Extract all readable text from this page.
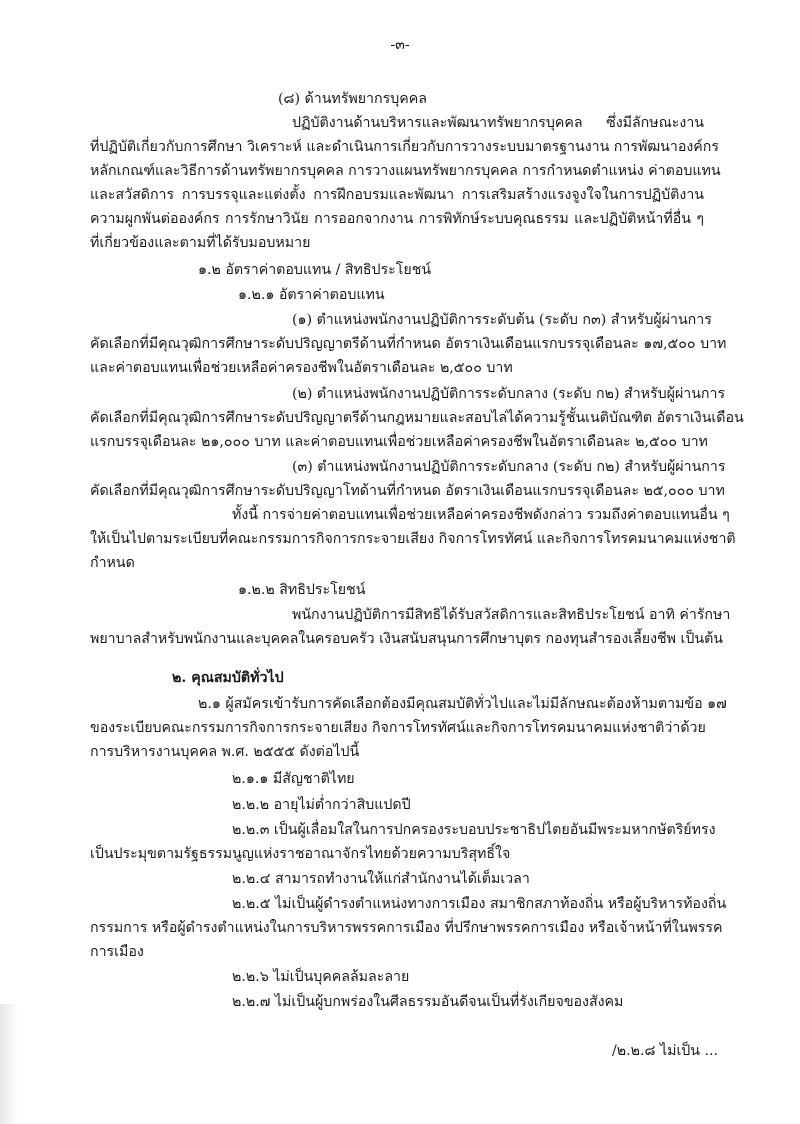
-๓-
(๘) ด้านทรัพยากรบุคคล
ปฏิบัติงานด้านบริหารและพัฒนาทรัพยากรบุคคล ซึ่งมีลักษณะงาน
ที่ปฏิบัติเกี่ยวกับการศึกษา วิเคราะห์ และดำเนินการเกี่ยวกับการวางระบบมาตรฐานงาน การพัฒนาองค์กร
หลักเกณฑ์และวิธีการด้านทรัพยากรบุคคล การวางแผนทรัพยากรบุคคล การกำหนดตำแหน่ง ค่าตอบแทน
และสวัสดิการ การบรรจุและแต่งตั้ง การฝึกอบรมและพัฒนา การเสริมสร้างแรงจูงใจในการปฏิบัติงาน
ความผูกพันต่อองค์กร การรักษาวินัย การออกจากงาน การพิทักษ์ระบบคุณธรรม และปฏิบัติหน้าที่อื่น ๆ
ที่เกี่ยวข้องและตามที่ได้รับมอบหมาย
๑.๒ อัตราค่าตอบแทน / สิทธิประโยชน์
๑.๒.๑ อัตราค่าตอบแทน
(๑) ตำแหน่งพนักงานปฏิบัติการระดับต้น (ระดับ ก๓) สำหรับผู้ผ่านการ
คัดเลือกที่มีคุณวุฒิการศึกษาระดับปริญญาตรีด้านที่กำหนด อัตราเงินเดือนแรกบรรจุเดือนละ ๑๗,๕๐๐ บาท
และค่าตอบแทนเพื่อช่วยเหลือค่าครองชีพในอัตราเดือนละ ๒,๕๐๐ บาท
(๒) ตำแหน่งพนักงานปฏิบัติการระดับกลาง (ระดับ ก๒) สำหรับผู้ผ่านการ
คัดเลือกที่มีคุณวุฒิการศึกษาระดับปริญญาตรีด้านกฎหมายและสอบไล่ได้ความรู้ชั้นเนติบัณฑิต อัตราเงินเดือน
แรกบรรจุเดือนละ ๒๑,๐๐๐ บาท และค่าตอบแทนเพื่อช่วยเหลือค่าครองชีพในอัตราเดือนละ ๒,๕๐๐ บาท
(๓) ตำแหน่งพนักงานปฏิบัติการระดับกลาง (ระดับ ก๒) สำหรับผู้ผ่านการ
คัดเลือกที่มีคุณวุฒิการศึกษาระดับปริญญาโทด้านที่กำหนด อัตราเงินเดือนแรกบรรจุเดือนละ ๒๕,๐๐๐ บาท
ทั้งนี้ การจ่ายค่าตอบแทนเพื่อช่วยเหลือค่าครองชีพดังกล่าว รวมถึงค่าตอบแทนอื่น ๆ
ให้เป็นไปตามระเบียบที่คณะกรรมการกิจการกระจายเสียง กิจการโทรทัศน์ และกิจการโทรคมนาคมแห่งชาติ
กำหนด
๑.๒.๒ สิทธิประโยชน์
พนักงานปฏิบัติการมีสิทธิได้รับสวัสดิการและสิทธิประโยชน์ อาทิ ค่ารักษา
พยาบาลสำหรับพนักงานและบุคคลในครอบครัว เงินสนับสนุนการศึกษาบุตร กองทุนสำรองเลี้ยงชีพ เป็นต้น
๒. คุณสมบัติทั่วไป
๒.๑ ผู้สมัครเข้ารับการคัดเลือกต้องมีคุณสมบัติทั่วไปและไม่มีลักษณะต้องห้ามตามข้อ ๑๗
ของระเบียบคณะกรรมการกิจการกระจายเสียง กิจการโทรทัศน์และกิจการโทรคมนาคมแห่งชาติว่าด้วย
การบริหารงานบุคคล พ.ศ. ๒๕๕๕ ดังต่อไปนี้
๒.๑.๑ มีสัญชาติไทย
๒.๒.๒ อายุไม่ต่ำกว่าสิบแปดปี
๒.๒.๓ เป็นผู้เลื่อมใสในการปกครองระบอบประชาธิปไตยอันมีพระมหากษัตริย์ทรง
เป็นประมุขตามรัฐธรรมนูญแห่งราชอาณาจักรไทยด้วยความบริสุทธิ์ใจ
๒.๒.๔ สามารถทำงานให้แก่สำนักงานได้เต็มเวลา
๒.๒.๕ ไม่เป็นผู้ดำรงตำแหน่งทางการเมือง สมาชิกสภาท้องถิ่น หรือผู้บริหารท้องถิ่น
กรรมการ หรือผู้ดำรงตำแหน่งในการบริหารพรรคการเมือง ที่ปรึกษาพรรคการเมือง หรือเจ้าหน้าที่ในพรรค
การเมือง
๒.๒.๖ ไม่เป็นบุคคลล้มละลาย
๒.๒.๗ ไม่เป็นผู้บกพร่องในศีลธรรมอันดีจนเป็นที่รังเกียจของสังคม
/๒.๒.๘ ไม่เป็น ...
